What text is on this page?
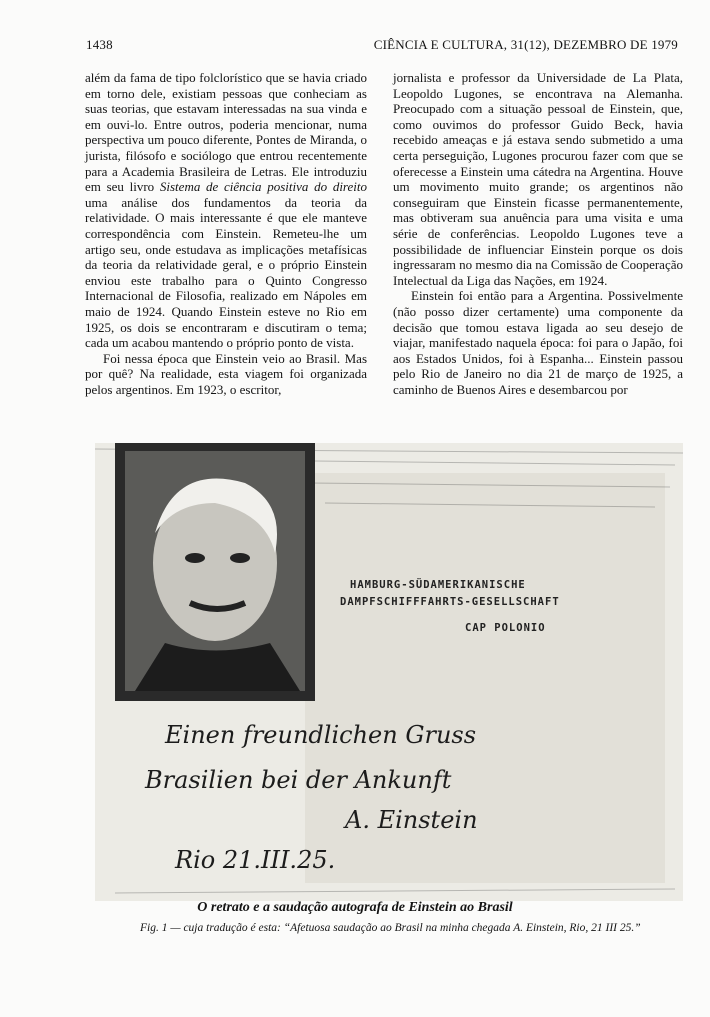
1438	CIÊNCIA E CULTURA, 31(12), DEZEMBRO DE 1979

além da fama de tipo folclorístico que se havia criado em torno dele, existiam pessoas que conheciam as suas teorias, que estavam interessadas na sua vinda e em ouvi-lo. Entre outros, poderia mencionar, numa perspectiva um pouco diferente, Pontes de Miranda, o jurista, filósofo e sociólogo que entrou recentemente para a Academia Brasileira de Letras. Ele introduziu em seu livro Sistema de ciência positiva do direito uma análise dos fundamentos da teoria da relatividade. O mais interessante é que ele manteve correspondência com Einstein. Remeteu-lhe um artigo seu, onde estudava as implicações metafísicas da teoria da relatividade geral, e o próprio Einstein enviou este trabalho para o Quinto Congresso Internacional de Filosofia, realizado em Nápoles em maio de 1924. Quando Einstein esteve no Rio em 1925, os dois se encontraram e discutiram o tema; cada um acabou mantendo o próprio ponto de vista.

Foi nessa época que Einstein veio ao Brasil. Mas por quê? Na realidade, esta viagem foi organizada pelos argentinos. Em 1923, o escritor,

jornalista e professor da Universidade de La Plata, Leopoldo Lugones, se encontrava na Alemanha. Preocupado com a situação pessoal de Einstein, que, como ouvimos do professor Guido Beck, havia recebido ameaças e já estava sendo submetido a uma certa perseguição, Lugones procurou fazer com que se oferecesse a Einstein uma cátedra na Argentina. Houve um movimento muito grande; os argentinos não conseguiram que Einstein ficasse permanentemente, mas obtiveram sua anuência para uma visita e uma série de conferências. Leopoldo Lugones teve a possibilidade de influenciar Einstein porque os dois ingressaram no mesmo dia na Comissão de Cooperação Intelectual da Liga das Nações, em 1924.

Einstein foi então para a Argentina. Possivelmente (não posso dizer certamente) uma componente da decisão que tomou estava ligada ao seu desejo de viajar, manifestado naquela época: foi para o Japão, foi aos Estados Unidos, foi à Espanha... Einstein passou pelo Rio de Janeiro no dia 21 de março de 1925, a caminho de Buenos Aires e desembarcou por

HAMBURG-SÜDAMERIKANISCHE
DAMPFSCHIFFFAHRTS-GESELLSCHAFT
CAP POLONIO
Einen freundlichen Gruss
Brasilien bei der Ankunft
A. Einstein
Rio 21.III.25.
O retrato e a saudação autografa de Einstein ao Brasil
Fig. 1 — cuja tradução é esta: “Afetuosa saudação ao Brasil na minha chegada A. Einstein, Rio, 21 III 25.”
